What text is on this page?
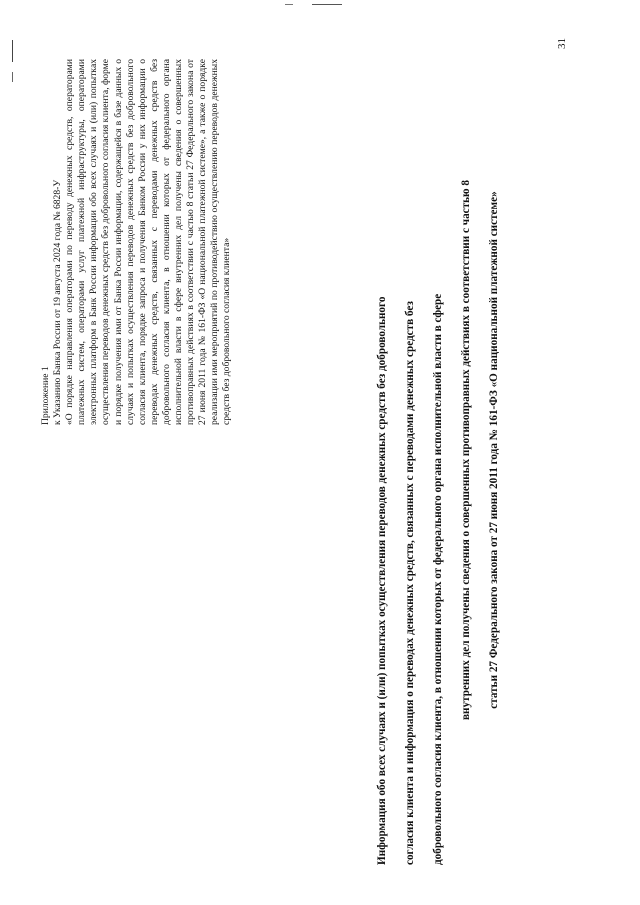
Приложение 1 к Указанию Банка России от 19 августа 2024 года № 6828-У «О порядке направления операторами по переводу денежных средств, операторами платежных систем, операторами услуг платежной инфраструктуры, операторами электронных платформ в Банк России информации обо всех случаях и (или) попытках осуществления переводов денежных средств без добровольного согласия клиента, форме и порядке получения ими от Банка России информации, содержащейся в базе данных о случаях и попытках осуществления переводов денежных средств без добровольного согласия клиента, порядке запроса и получения Банком России у них информации о переводах денежных средств, связанных с переводами денежных средств без добровольного согласия клиента, в отношении которых от федерального органа исполнительной власти в сфере внутренних дел получены сведения о совершенных противоправных действиях в соответствии с частью 8 статьи 27 Федерального закона от 27 июня 2011 года № 161-ФЗ «О национальной платежной системе», а также о порядке реализации ими мероприятий по противодействию осуществлению переводов денежных средств без добровольного согласия клиента»	Информация обо всех случаях и (или) попытках осуществления переводов денежных средств без добровольного	согласия клиента и информация о переводах денежных средств, связанных с переводами денежных средств без	добровольного согласия клиента, в отношении которых от федерального органа исполнительной власти в сфере	внутренних дел получены сведения о совершенных противоправных действиях в соответствии с частью 8	статьи 27 Федерального закона от 27 июня 2011 года № 161-ФЗ «О национальной платежной системе»
31
